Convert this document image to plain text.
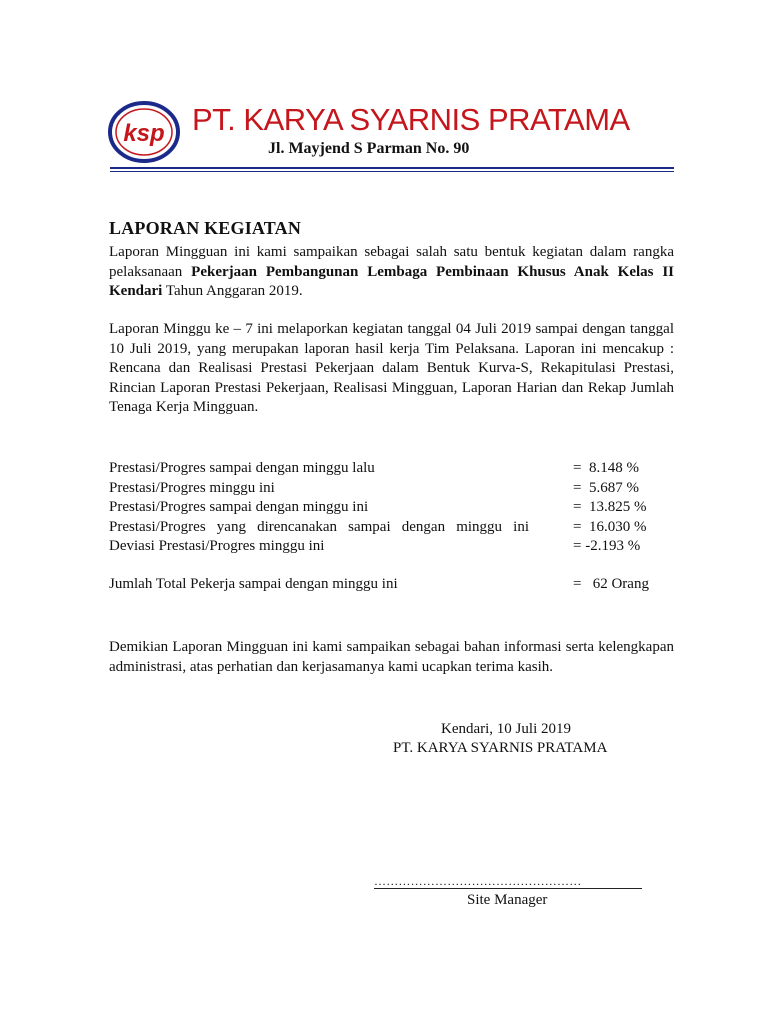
ksp PT. KARYA SYARNIS PRATAMA
Jl. Mayjend S Parman No. 90
LAPORAN KEGIATAN
Laporan Mingguan ini kami sampaikan sebagai salah satu bentuk kegiatan dalam rangka pelaksanaan Pekerjaan Pembangunan Lembaga Pembinaan Khusus Anak Kelas II Kendari Tahun Anggaran 2019.
Laporan Minggu ke – 7 ini melaporkan kegiatan tanggal 04 Juli 2019 sampai dengan tanggal 10 Juli 2019, yang merupakan laporan hasil kerja Tim Pelaksana. Laporan ini mencakup : Rencana dan Realisasi Prestasi Pekerjaan dalam Bentuk Kurva-S, Rekapitulasi Prestasi, Rincian Laporan Prestasi Pekerjaan, Realisasi Mingguan, Laporan Harian dan Rekap Jumlah Tenaga Kerja Mingguan.
Prestasi/Progres sampai dengan minggu lalu	=  8.148 %
Prestasi/Progres minggu ini	=  5.687 %
Prestasi/Progres sampai dengan minggu ini	=  13.825 %
Prestasi/Progres yang direncanakan sampai dengan minggu ini	=  16.030 %
Deviasi Prestasi/Progres minggu ini	= -2.193 %
Jumlah Total Pekerja sampai dengan minggu ini	=   62 Orang
Demikian Laporan Mingguan ini kami sampaikan sebagai bahan informasi serta kelengkapan administrasi, atas perhatian dan kerjasamanya kami ucapkan terima kasih.
Kendari, 10 Juli 2019
PT. KARYA SYARNIS PRATAMA
……………………………………………
Site Manager
